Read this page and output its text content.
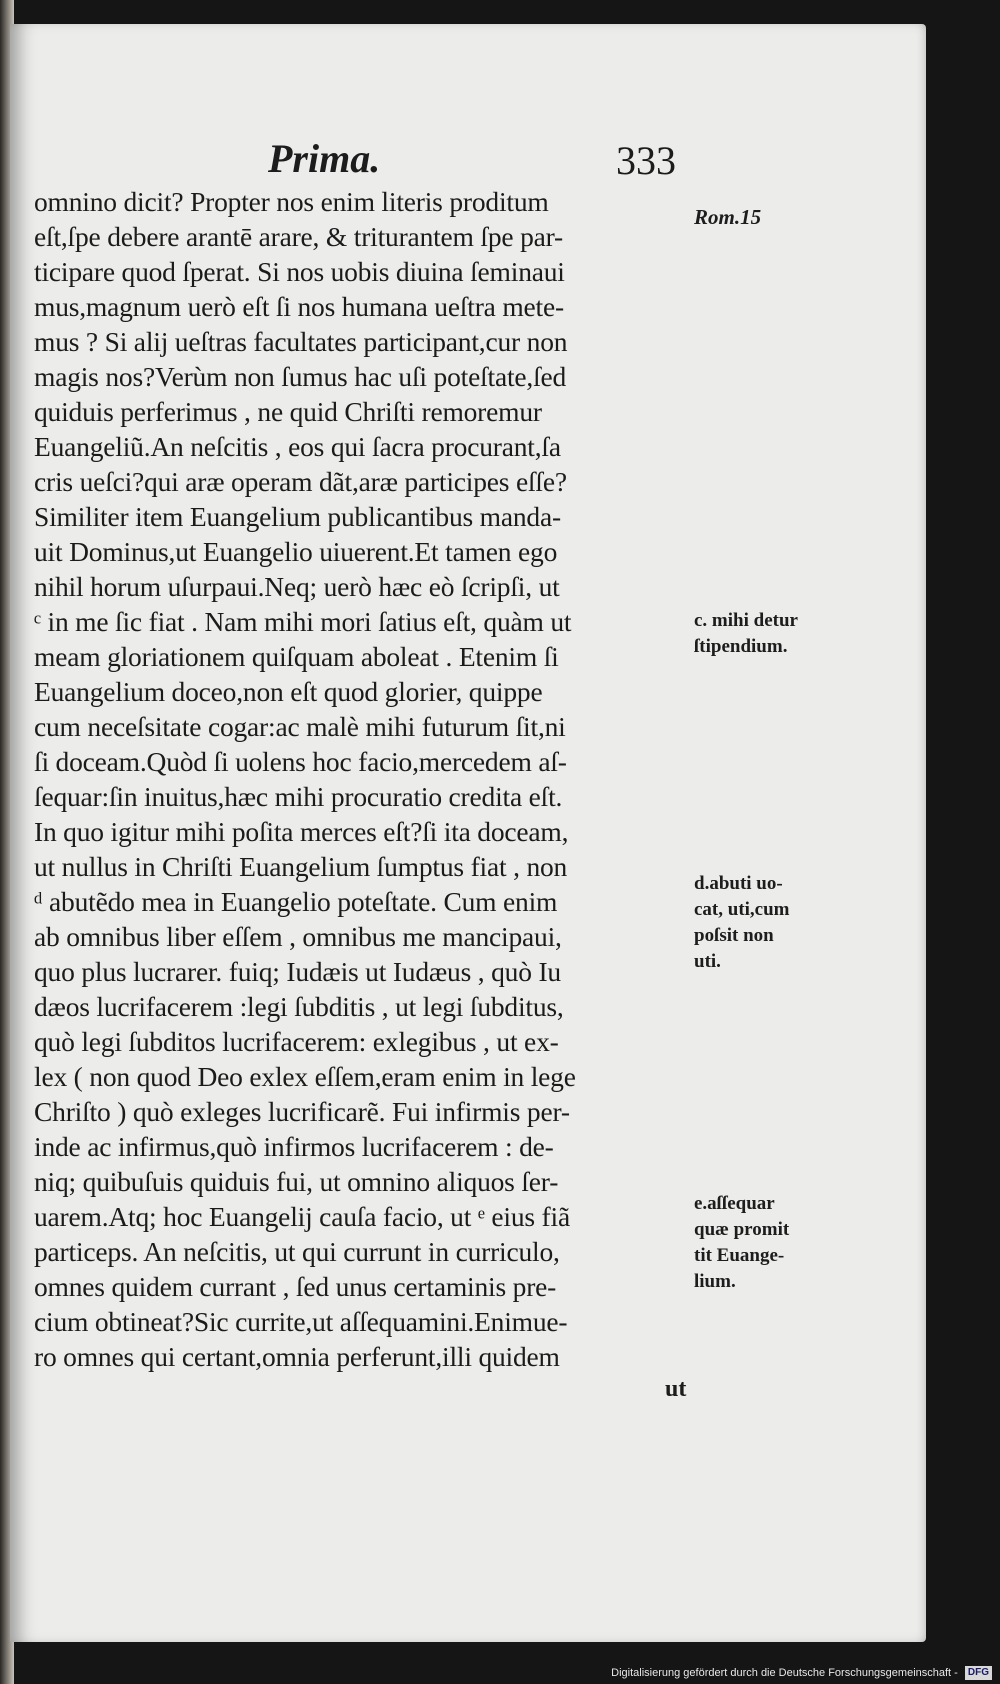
Prima.	333
omnino dicit? Propter nos enim literis proditum
eſt,ſpe debere arantē arare, & triturantem ſpe par-
ticipare quod ſperat. Si nos uobis diuina ſeminaui
mus,magnum uerò eſt ſi nos humana ueſtra mete-
mus ? Si alij ueſtras facultates participant,cur non
magis nos?Verùm non ſumus hac uſi poteſtate,ſed
quiduis perferimus , ne quid Chriſti remoremur
Euangeliũ.An neſcitis , eos qui ſacra procurant,ſa
cris ueſci?qui aræ operam dãt,aræ participes eſſe?
Similiter item Euangelium publicantibus manda-
uit Dominus,ut Euangelio uiuerent.Et tamen ego
nihil horum uſurpaui.Neq; uerò hæc eò ſcripſi, ut
ᶜ in me ſic fiat . Nam mihi mori ſatius eſt, quàm ut
meam gloriationem quiſquam aboleat . Etenim ſi
Euangelium doceo,non eſt quod glorier, quippe
cum neceſsitate cogar:ac malè mihi futurum ſit,ni
ſi doceam.Quòd ſi uolens hoc facio,mercedem aſ-
ſequar:ſin inuitus,hæc mihi procuratio credita eſt.
In quo igitur mihi poſita merces eſt?ſi ita doceam,
ut nullus in Chriſti Euangelium ſumptus fiat , non
ᵈ abutẽdo mea in Euangelio poteſtate. Cum enim
ab omnibus liber eſſem , omnibus me mancipaui,
quo plus lucrarer. fuiq; Iudæis ut Iudæus , quò Iu
dæos lucrifacerem :legi ſubditis , ut legi ſubditus,
quò legi ſubditos lucrifacerem: exlegibus , ut ex-
lex ( non quod Deo exlex eſſem,eram enim in lege
Chriſto ) quò exleges lucrificarẽ. Fui infirmis per-
inde ac infirmus,quò infirmos lucrifacerem : de-
niq; quibuſuis quiduis fui, ut omnino aliquos ſer-
uarem.Atq; hoc Euangelij cauſa facio, ut ᵉ eius fiã
particeps. An neſcitis, ut qui currunt in curriculo,
omnes quidem currant , ſed unus certaminis pre-
cium obtineat?Sic currite,ut aſſequamini.Enimue-
ro omnes qui certant,omnia perferunt,illi quidem
ut
Rom.15
c. mihi detur
ſtipendium.
d.abuti uo-
cat, uti,cum
poſsit non
uti.
e.aſſequar
quæ promit
tit Euange-
lium.
Digitalisierung gefördert durch die Deutsche Forschungsgemeinschaft - DFG
